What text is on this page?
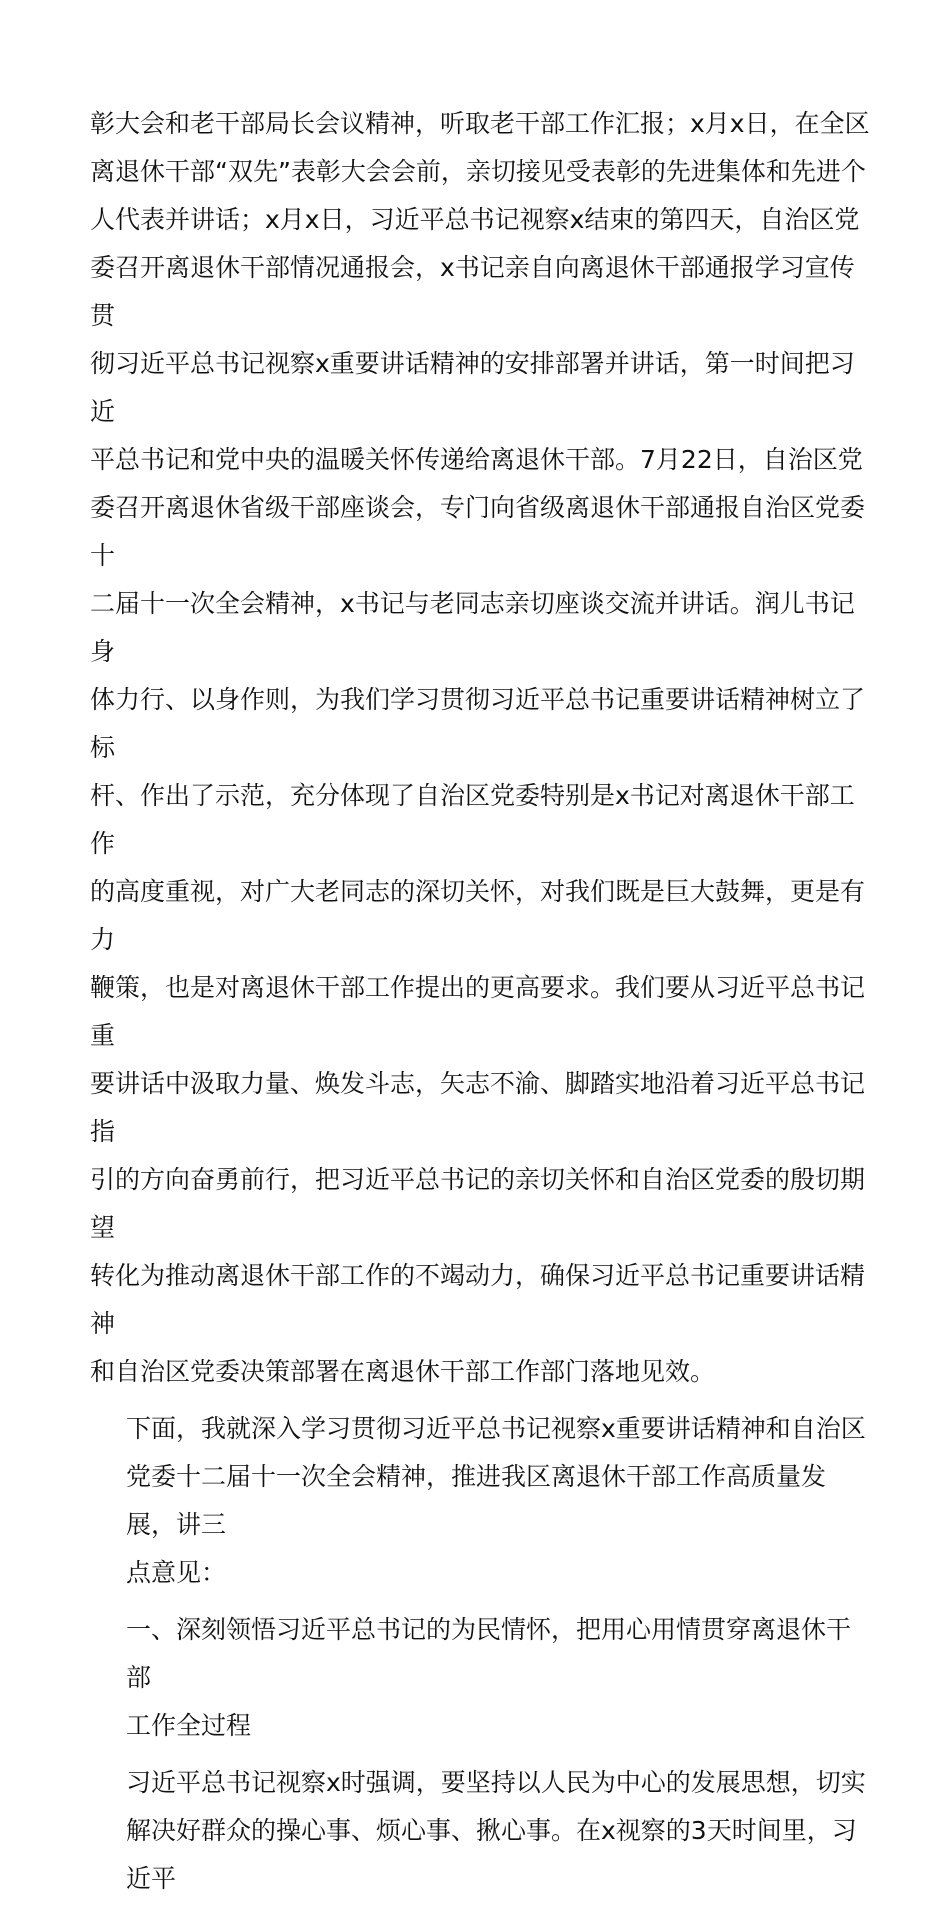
彰大会和老干部局长会议精神，听取老干部工作汇报；x月x日，在全区
离退休干部“双先”表彰大会会前，亲切接见受表彰的先进集体和先进个
人代表并讲话；x月x日，习近平总书记视察x结束的第四天，自治区党
委召开离退休干部情况通报会，x书记亲自向离退休干部通报学习宣传贯
彻习近平总书记视察x重要讲话精神的安排部署并讲话，第一时间把习近
平总书记和党中央的温暖关怀传递给离退休干部。7月22日，自治区党
委召开离退休省级干部座谈会，专门向省级离退休干部通报自治区党委十
二届十一次全会精神，x书记与老同志亲切座谈交流并讲话。润儿书记身
体力行、以身作则，为我们学习贯彻习近平总书记重要讲话精神树立了标
杆、作出了示范，充分体现了自治区党委特别是x书记对离退休干部工作
的高度重视，对广大老同志的深切关怀，对我们既是巨大鼓舞，更是有力
鞭策，也是对离退休干部工作提出的更高要求。我们要从习近平总书记重
要讲话中汲取力量、焕发斗志，矢志不渝、脚踏实地沿着习近平总书记指
引的方向奋勇前行，把习近平总书记的亲切关怀和自治区党委的殷切期望
转化为推动离退休干部工作的不竭动力，确保习近平总书记重要讲话精神
和自治区党委决策部署在离退休干部工作部门落地见效。

下面，我就深入学习贯彻习近平总书记视察x重要讲话精神和自治区
党委十二届十一次全会精神，推进我区离退休干部工作高质量发展，讲三
点意见：

一、深刻领悟习近平总书记的为民情怀，把用心用情贯穿离退休干部
工作全过程

习近平总书记视察x时强调，要坚持以人民为中心的发展思想，切实
解决好群众的操心事、烦心事、揪心事。在x视察的3天时间里，习近平
